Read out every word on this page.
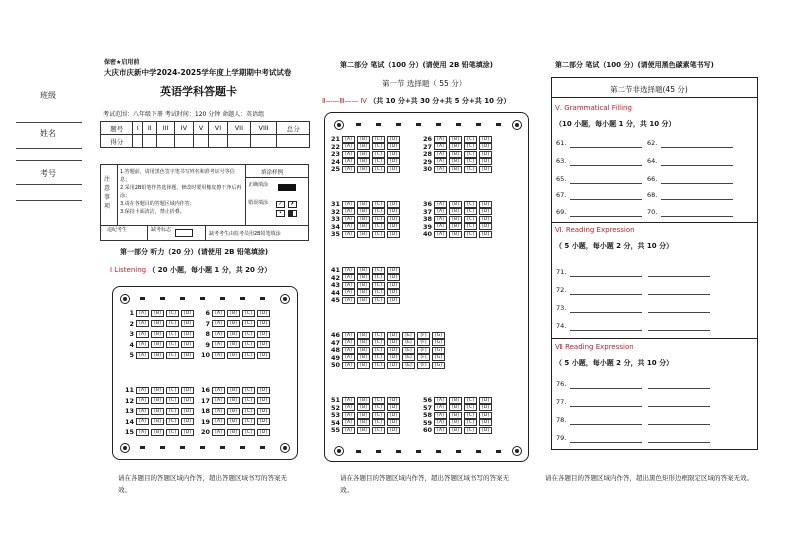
班级
姓名
考号
保密★启用前
大庆市庆新中学2024-2025学年度上学期期中考试试卷
英语学科答题卡
考试范围：八年级下册 考试时间：120 分钟 命题人：英语组
题号	I	II	III	IV	V	VI	VII	VIII	总分
得分									
注意事项
1.答题前，请用黑色签字笔书写姓名和准考证号等信息；
2.采用2B铅笔作答选择题，修改时要用橡皮擦干净后再涂；
3.请在各题目的答题区域内作答；
3.保持卡面清洁，禁止折叠。
填涂样例
正确填涂
错误填涂	✓	✗
•
违纪考生	缺考标志
缺考考生由监考员用2B铅笔填涂
第一部分 听力（20 分）(请使用 2B 铅笔填涂)
Ⅰ Listening （ 20 小题，每小题 1 分，共 20 分）
1	[A]	[B]	[C]	[D]
2	[A]	[B]	[C]	[D]
3	[A]	[B]	[C]	[D]
4	[A]	[B]	[C]	[D]
5	[A]	[B]	[C]	[D]
6	[A]	[B]	[C]	[D]
7	[A]	[B]	[C]	[D]
8	[A]	[B]	[C]	[D]
9	[A]	[B]	[C]	[D]
10	[A]	[B]	[C]	[D]
11	[A]	[B]	[C]	[D]
12	[A]	[B]	[C]	[D]
13	[A]	[B]	[C]	[D]
14	[A]	[B]	[C]	[D]
15	[A]	[B]	[C]	[D]
16	[A]	[B]	[C]	[D]
17	[A]	[B]	[C]	[D]
18	[A]	[B]	[C]	[D]
19	[A]	[B]	[C]	[D]
20	[A]	[B]	[C]	[D]
请在各题目的答题区域内作答，超出答题区域书写的答案无效。
第二部分 笔试（100 分）(请使用 2B 铅笔填涂)
第一节 选择题（ 55 分）
Ⅱ——Ⅲ—— Ⅳ （共 10 分+共 30 分+共 5 分+共 10 分）
21	[A]	[B]	[C]	[D]
22	[A]	[B]	[C]	[D]
23	[A]	[B]	[C]	[D]
24	[A]	[B]	[C]	[D]
25	[A]	[B]	[C]	[D]
26	[A]	[B]	[C]	[D]
27	[A]	[B]	[C]	[D]
28	[A]	[B]	[C]	[D]
29	[A]	[B]	[C]	[D]
30	[A]	[B]	[C]	[D]
31	[A]	[B]	[C]	[D]
32	[A]	[B]	[C]	[D]
33	[A]	[B]	[C]	[D]
34	[A]	[B]	[C]	[D]
35	[A]	[B]	[C]	[D]
36	[A]	[B]	[C]	[D]
37	[A]	[B]	[C]	[D]
38	[A]	[B]	[C]	[D]
39	[A]	[B]	[C]	[D]
40	[A]	[B]	[C]	[D]
41	[A]	[B]	[C]	[D]
42	[A]	[B]	[C]	[D]
43	[A]	[B]	[C]	[D]
44	[A]	[B]	[C]	[D]
45	[A]	[B]	[C]	[D]
46	[A]	[B]	[C]	[D]	[E]	[F]	[G]
47	[A]	[B]	[C]	[D]	[E]	[F]	[G]
48	[A]	[B]	[C]	[D]	[E]	[F]	[G]
49	[A]	[B]	[C]	[D]	[E]	[F]	[G]
50	[A]	[B]	[C]	[D]	[E]	[F]	[G]
51	[A]	[B]	[C]	[D]
52	[A]	[B]	[C]	[D]
53	[A]	[B]	[C]	[D]
54	[A]	[B]	[C]	[D]
55	[A]	[B]	[C]	[D]
56	[A]	[B]	[C]	[D]
57	[A]	[B]	[C]	[D]
58	[A]	[B]	[C]	[D]
59	[A]	[B]	[C]	[D]
60	[A]	[B]	[C]	[D]
请在各题目的答题区域内作答，超出答题区域书写的答案无效。
第二部分 笔试（100 分）(请使用黑色碳素笔书写)
第二节非选择题(45 分)
Ⅴ. Grammatical Filling （10 小题，每小题 1 分，共 10 分）
61.	62.
63.	64.
65.	66.
67.	68.
69.	70.
Ⅵ. Reading Expression （ 5 小题，每小题 2 分，共 10 分）
71.
72.
73.
74.
Ⅶ Reading Expression （ 5 小题，每小题 2 分，共 10 分）
76.
77.
78.
79.
请在各题目的答题区域内作答，超出黑色矩形边框限定区域的答案无效。
